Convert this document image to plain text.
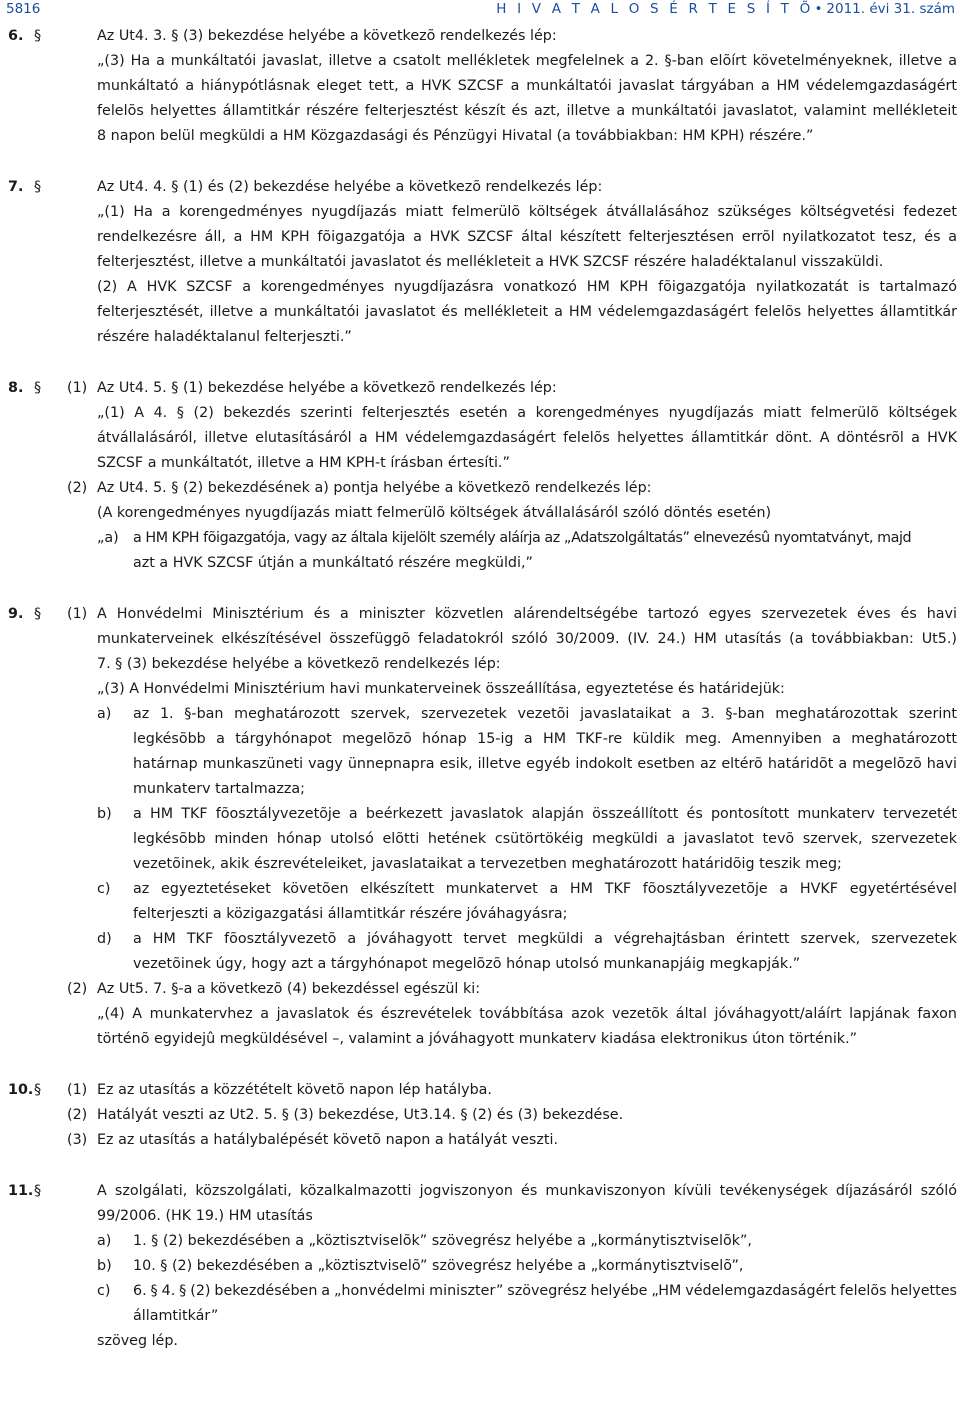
5816	H I V A T A L O S É R T E S Í T Õ• 2011. évi 31. szám
6. §	Az Ut4. 3. § (3) bekezdése helyébe a következõ rendelkezés lép:
„(3) Ha a munkáltatói javaslat, illetve a csatolt mellékletek megfelelnek a 2. §-ban elõírt követelményeknek, illetve a
munkáltató a hiánypótlásnak eleget tett, a HVK SZCSF a munkáltatói javaslat tárgyában a HM védelemgazdaságért
felelõs helyettes államtitkár részére felterjesztést készít és azt, illetve a munkáltatói javaslatot, valamint mellékleteit
8 napon belül megküldi a HM Közgazdasági és Pénzügyi Hivatal (a továbbiakban: HM KPH) részére.”
7. §	Az Ut4. 4. § (1) és (2) bekezdése helyébe a következõ rendelkezés lép:
„(1) Ha a korengedményes nyugdíjazás miatt felmerülõ költségek átvállalásához szükséges költségvetési fedezet
rendelkezésre áll, a HM KPH fõigazgatója a HVK SZCSF által készített felterjesztésen errõl nyilatkozatot tesz, és a
felterjesztést, illetve a munkáltatói javaslatot és mellékleteit a HVK SZCSF részére haladéktalanul visszaküldi.
(2) A HVK SZCSF a korengedményes nyugdíjazásra vonatkozó HM KPH fõigazgatója nyilatkozatát is tartalmazó
felterjesztését, illetve a munkáltatói javaslatot és mellékleteit a HM védelemgazdaságért felelõs helyettes államtitkár
részére haladéktalanul felterjeszti.”
8. § (1) Az Ut4. 5. § (1) bekezdése helyébe a következõ rendelkezés lép:
„(1) A 4. § (2) bekezdés szerinti felterjesztés esetén a korengedményes nyugdíjazás miatt felmerülõ költségek
átvállalásáról, illetve elutasításáról a HM védelemgazdaságért felelõs helyettes államtitkár dönt. A döntésrõl a HVK
SZCSF a munkáltatót, illetve a HM KPH-t írásban értesíti.”
(2) Az Ut4. 5. § (2) bekezdésének a) pontja helyébe a következõ rendelkezés lép:
(A korengedményes nyugdíjazás miatt felmerülõ költségek átvállalásáról szóló döntés esetén)
„a) a HM KPH fõigazgatója, vagy az általa kijelölt személy aláírja az „Adatszolgáltatás” elnevezésû nyomtatványt, majd
azt a HVK SZCSF útján a munkáltató részére megküldi,”
9. § (1) A Honvédelmi Minisztérium és a miniszter közvetlen alárendeltségébe tartozó egyes szervezetek éves és havi
munkaterveinek elkészítésével összefüggõ feladatokról szóló 30/2009. (IV. 24.) HM utasítás (a továbbiakban: Ut5.)
7. § (3) bekezdése helyébe a következõ rendelkezés lép:
„(3) A Honvédelmi Minisztérium havi munkaterveinek összeállítása, egyeztetése és határidejük:
a) az 1. §-ban meghatározott szervek, szervezetek vezetõi javaslataikat a 3. §-ban meghatározottak szerint
legkésõbb a tárgyhónapot megelõzõ hónap 15-ig a HM TKF-re küldik meg. Amennyiben a meghatározott
határnap munkaszüneti vagy ünnepnapra esik, illetve egyéb indokolt esetben az eltérõ határidõt a megelõzõ havi
munkaterv tartalmazza;
b) a HM TKF fõosztályvezetõje a beérkezett javaslatok alapján összeállított és pontosított munkaterv tervezetét
legkésõbb minden hónap utolsó elõtti hetének csütörtökéig megküldi a javaslatot tevõ szervek, szervezetek
vezetõinek, akik észrevételeiket, javaslataikat a tervezetben meghatározott határidõig teszik meg;
c) az egyeztetéseket követõen elkészített munkatervet a HM TKF fõosztályvezetõje a HVKF egyetértésével
felterjeszti a közigazgatási államtitkár részére jóváhagyásra;
d) a HM TKF fõosztályvezetõ a jóváhagyott tervet megküldi a végrehajtásban érintett szervek, szervezetek
vezetõinek úgy, hogy azt a tárgyhónapot megelõzõ hónap utolsó munkanapjáig megkapják.”
(2) Az Ut5. 7. §-a a következõ (4) bekezdéssel egészül ki:
„(4) A munkatervhez a javaslatok és észrevételek továbbítása azok vezetõk által jóváhagyott/aláírt lapjának faxon
történõ egyidejû megküldésével –, valamint a jóváhagyott munkaterv kiadása elektronikus úton történik.”
10. § (1) Ez az utasítás a közzétételt követõ napon lép hatályba.
(2) Hatályát veszti az Ut2. 5. § (3) bekezdése, Ut3.14. § (2) és (3) bekezdése.
(3) Ez az utasítás a hatálybalépését követõ napon a hatályát veszti.
11. §	A szolgálati, közszolgálati, közalkalmazotti jogviszonyon és munkaviszonyon kívüli tevékenységek díjazásáról szóló
99/2006. (HK 19.) HM utasítás
a) 1. § (2) bekezdésében a „köztisztviselõk” szövegrész helyébe a „kormánytisztviselõk”,
b) 10. § (2) bekezdésében a „köztisztviselõ” szövegrész helyébe a „kormánytisztviselõ”,
c) 6. § 4. § (2) bekezdésében a „honvédelmi miniszter” szövegrész helyébe „HM védelemgazdaságért felelõs helyettes
államtitkár”
szöveg lép.
